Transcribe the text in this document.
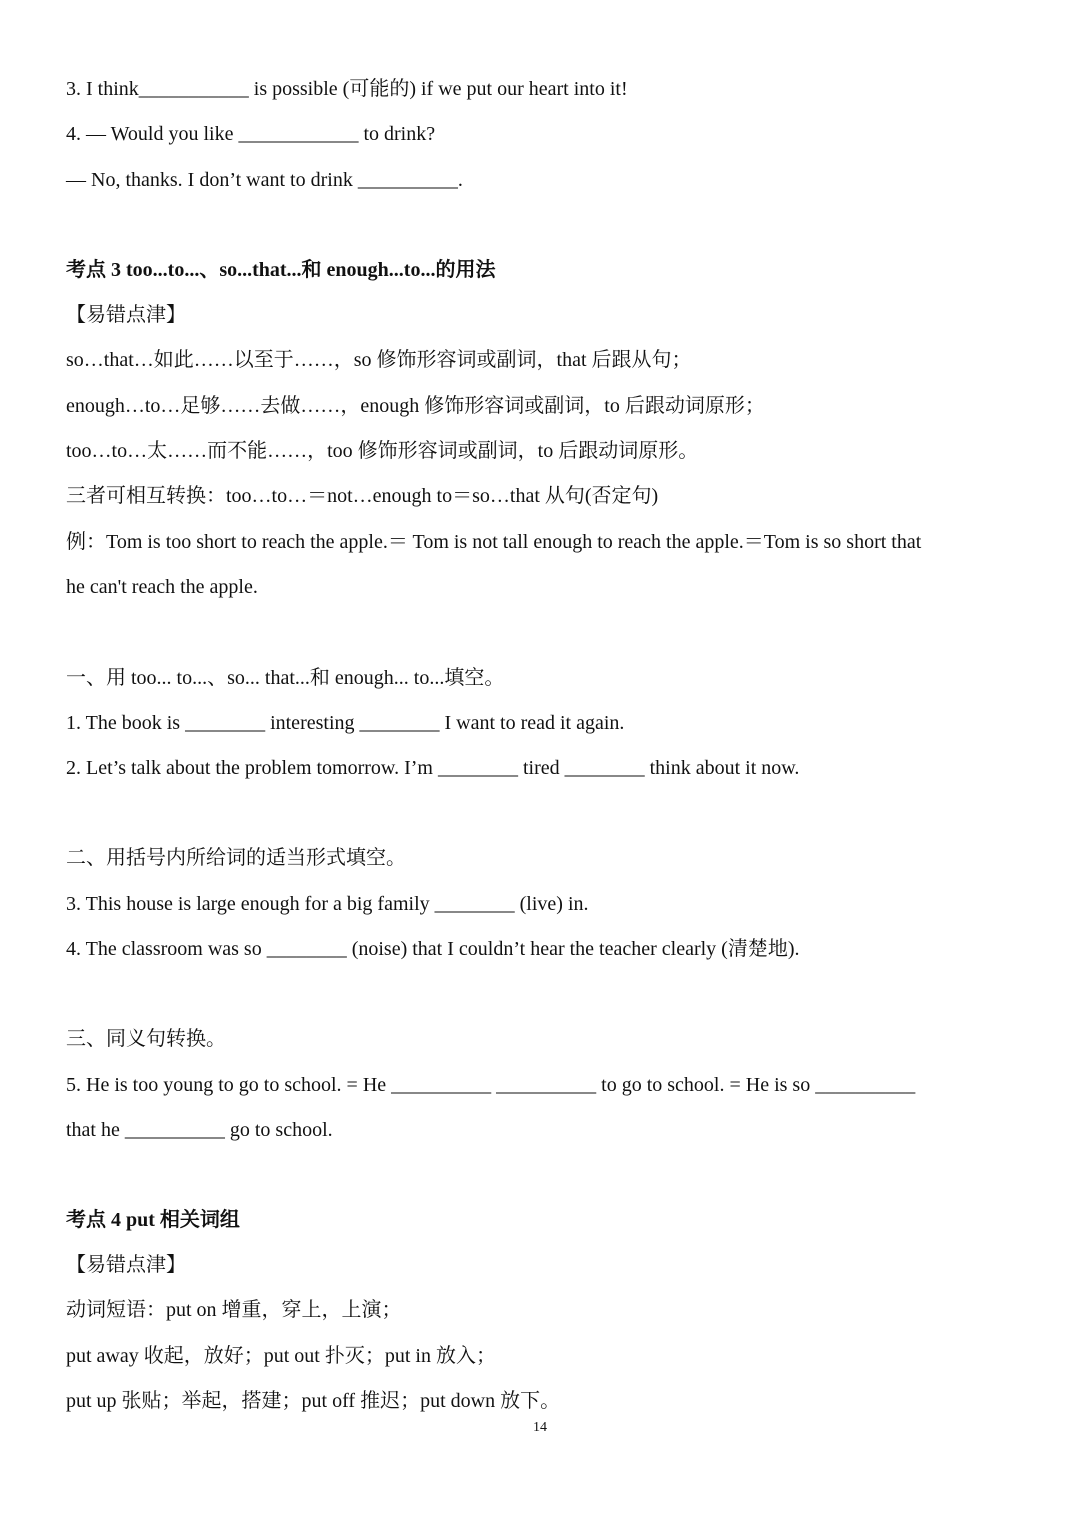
3. I think___________ is possible (可能的) if we put our heart into it!
4. — Would you like ____________ to drink?
— No, thanks. I don’t want to drink __________.
考点 3 too...to...、so...that...和 enough...to...的用法
【易错点津】
so…that…如此……以至于……，so 修饰形容词或副词，that 后跟从句；
enough…to…足够……去做……，enough 修饰形容词或副词，to 后跟动词原形；
too…to…太……而不能……，too 修饰形容词或副词，to 后跟动词原形。
三者可相互转换：too…to…＝not…enough to＝so…that 从句(否定句)
例：Tom is too short to reach the apple.＝ Tom is not tall enough to reach the apple.＝Tom is so short that
he can't reach the apple.
一、用 too... to...、so... that...和 enough... to...填空。
1. The book is ________ interesting ________ I want to read it again.
2. Let’s talk about the problem tomorrow. I’m ________ tired ________ think about it now.
二、用括号内所给词的适当形式填空。
3. This house is large enough for a big family ________ (live) in.
4. The classroom was so ________ (noise) that I couldn’t hear the teacher clearly (清楚地).
三、同义句转换。
5. He is too young to go to school. = He __________ __________ to go to school. = He is so __________
that he __________ go to school.
考点 4 put 相关词组
【易错点津】
动词短语：put on 增重，穿上，上演；
put away 收起，放好；put out 扑灭；put in 放入；
put up 张贴；举起，搭建；put off 推迟；put down 放下。
14
